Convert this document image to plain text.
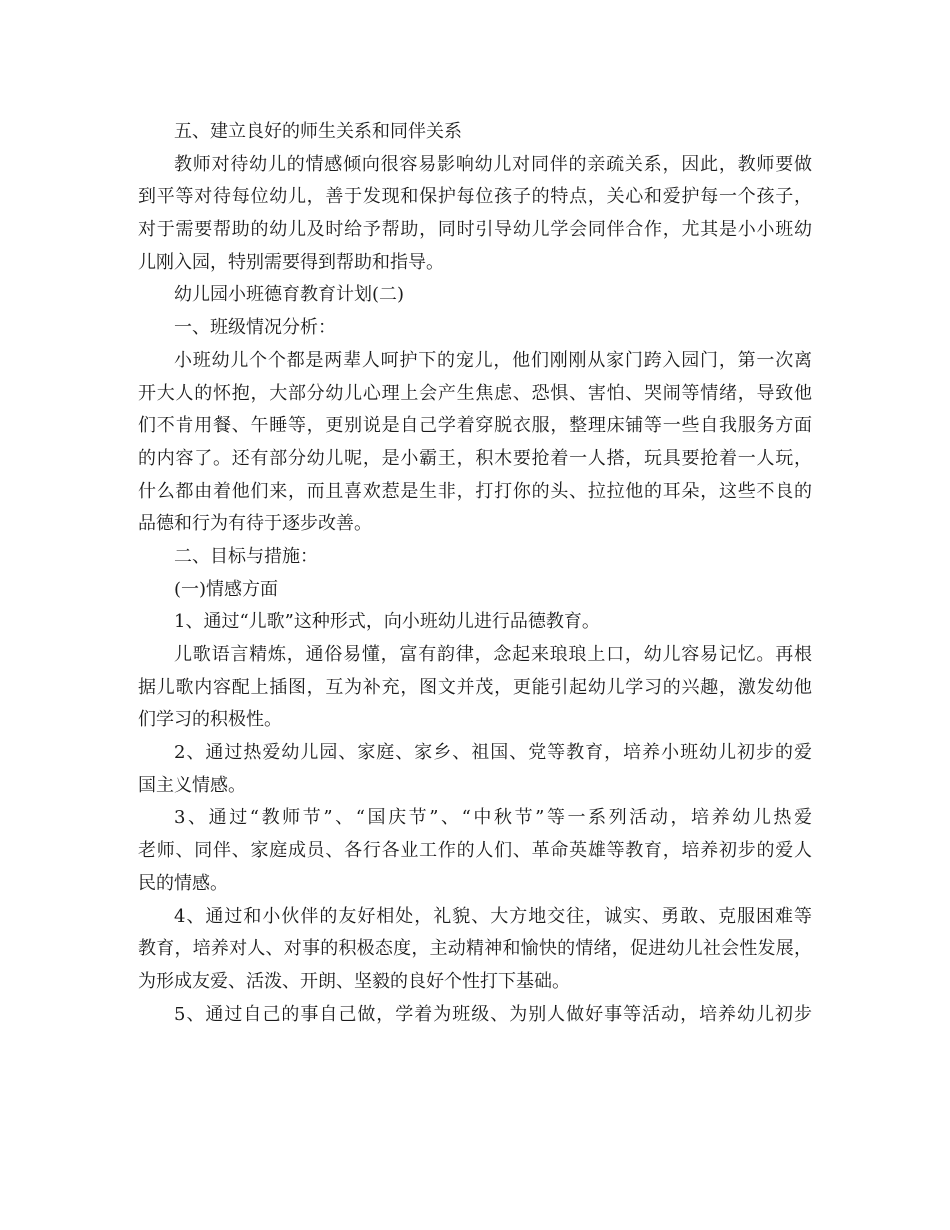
五、建立良好的师生关系和同伴关系
教师对待幼儿的情感倾向很容易影响幼儿对同伴的亲疏关系，因此，教师要做
到平等对待每位幼儿，善于发现和保护每位孩子的特点，关心和爱护每一个孩子，
对于需要帮助的幼儿及时给予帮助，同时引导幼儿学会同伴合作，尤其是小小班幼
儿刚入园，特别需要得到帮助和指导。
幼儿园小班德育教育计划(二)
一、班级情况分析：
小班幼儿个个都是两辈人呵护下的宠儿，他们刚刚从家门跨入园门，第一次离
开大人的怀抱，大部分幼儿心理上会产生焦虑、恐惧、害怕、哭闹等情绪，导致他
们不肯用餐、午睡等，更别说是自己学着穿脱衣服，整理床铺等一些自我服务方面
的内容了。还有部分幼儿呢，是小霸王，积木要抢着一人搭，玩具要抢着一人玩，
什么都由着他们来，而且喜欢惹是生非，打打你的头、拉拉他的耳朵，这些不良的
品德和行为有待于逐步改善。
二、目标与措施：
(一)情感方面
1、通过“儿歌”这种形式，向小班幼儿进行品德教育。
儿歌语言精炼，通俗易懂，富有韵律，念起来琅琅上口，幼儿容易记忆。再根
据儿歌内容配上插图，互为补充，图文并茂，更能引起幼儿学习的兴趣，激发幼他
们学习的积极性。
2、通过热爱幼儿园、家庭、家乡、祖国、党等教育，培养小班幼儿初步的爱
国主义情感。
3、通过“教师节”、“国庆节”、“中秋节”等一系列活动，培养幼儿热爱
老师、同伴、家庭成员、各行各业工作的人们、革命英雄等教育，培养初步的爱人
民的情感。
4、通过和小伙伴的友好相处，礼貌、大方地交往，诚实、勇敢、克服困难等
教育，培养对人、对事的积极态度，主动精神和愉快的情绪，促进幼儿社会性发展，
为形成友爱、活泼、开朗、坚毅的良好个性打下基础。
5、通过自己的事自己做，学着为班级、为别人做好事等活动，培养幼儿初步
